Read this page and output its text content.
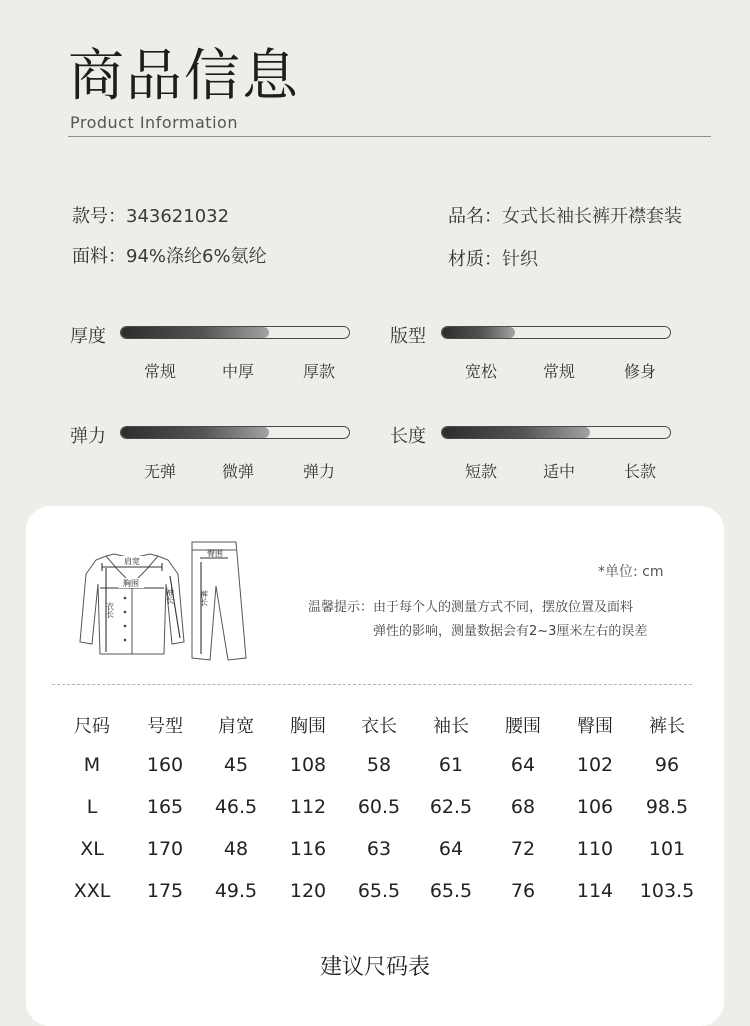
商品信息
Product Information
款号：343621032	品名：女式长袖长裤开襟套装
面料：94%涤纶6%氨纶	材质：针织
厚度
常规	中厚	厚款
版型
宽松	常规	修身
弹力
无弹	微弹	弹力
长度
短款	适中	长款
肩宽
胸围
衣长
袖长
臀围
裤长
*单位: cm
温馨提示：由于每个人的测量方式不同，摆放位置及面料
弹性的影响，测量数据会有2~3厘米左右的误差
尺码	号型	肩宽	胸围	衣长	袖长	腰围	臀围	裤长
M	160	45	108	58	61	64	102	96
L	165	46.5	112	60.5	62.5	68	106	98.5
XL	170	48	116	63	64	72	110	101
XXL	175	49.5	120	65.5	65.5	76	114	103.5
建议尺码表
